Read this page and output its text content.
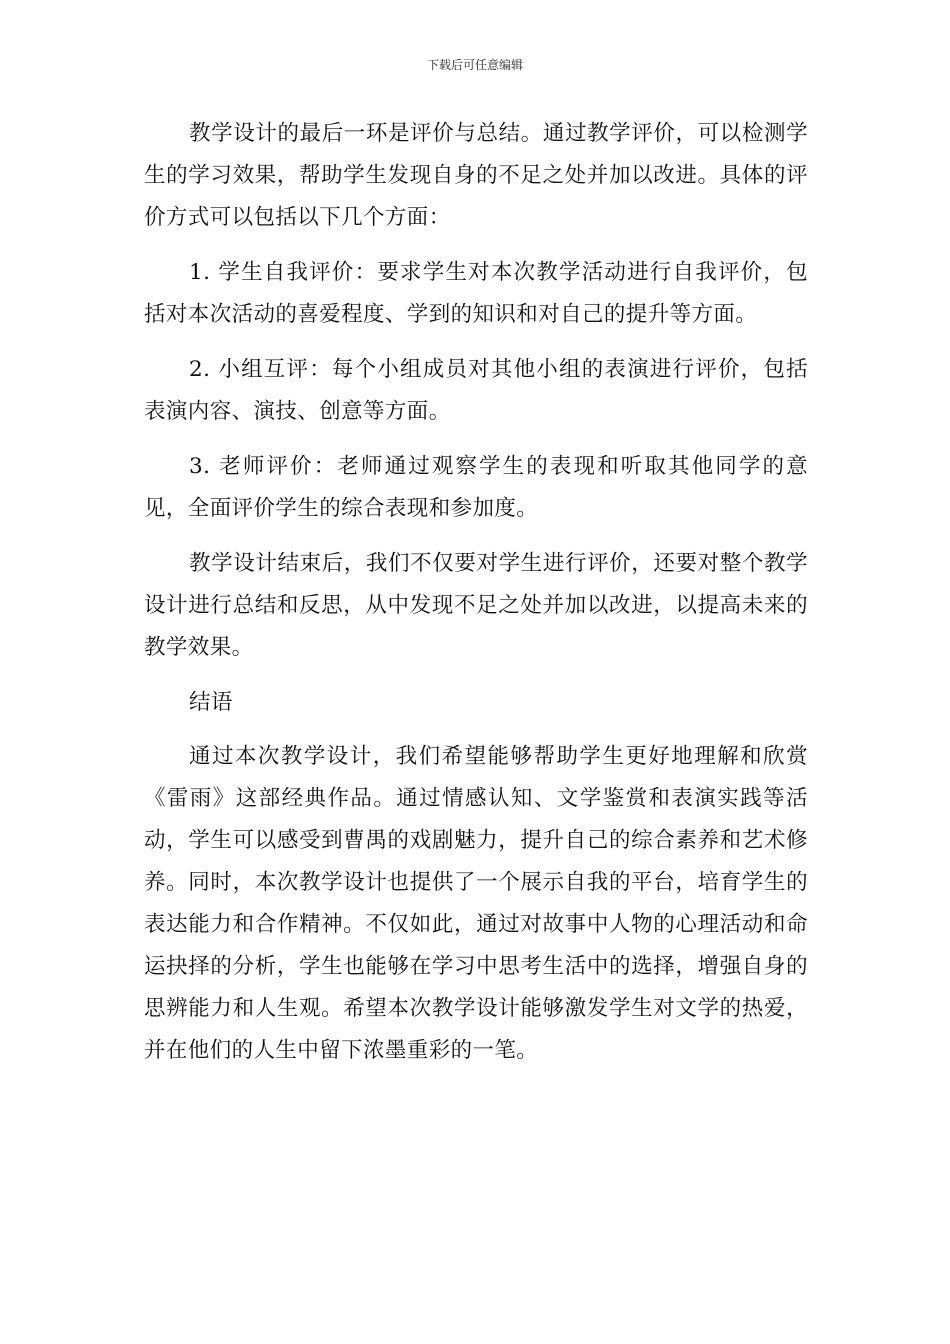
下载后可任意编辑

教学设计的最后一环是评价与总结。通过教学评价，可以检测学生的学习效果，帮助学生发现自身的不足之处并加以改进。具体的评价方式可以包括以下几个方面：

1. 学生自我评价：要求学生对本次教学活动进行自我评价，包括对本次活动的喜爱程度、学到的知识和对自己的提升等方面。

2. 小组互评：每个小组成员对其他小组的表演进行评价，包括表演内容、演技、创意等方面。

3. 老师评价：老师通过观察学生的表现和听取其他同学的意见，全面评价学生的综合表现和参加度。

教学设计结束后，我们不仅要对学生进行评价，还要对整个教学设计进行总结和反思，从中发现不足之处并加以改进，以提高未来的教学效果。

结语

通过本次教学设计，我们希望能够帮助学生更好地理解和欣赏《雷雨》这部经典作品。通过情感认知、文学鉴赏和表演实践等活动，学生可以感受到曹禺的戏剧魅力，提升自己的综合素养和艺术修养。同时，本次教学设计也提供了一个展示自我的平台，培育学生的表达能力和合作精神。不仅如此，通过对故事中人物的心理活动和命运抉择的分析，学生也能够在学习中思考生活中的选择，增强自身的思辨能力和人生观。希望本次教学设计能够激发学生对文学的热爱，并在他们的人生中留下浓墨重彩的一笔。
